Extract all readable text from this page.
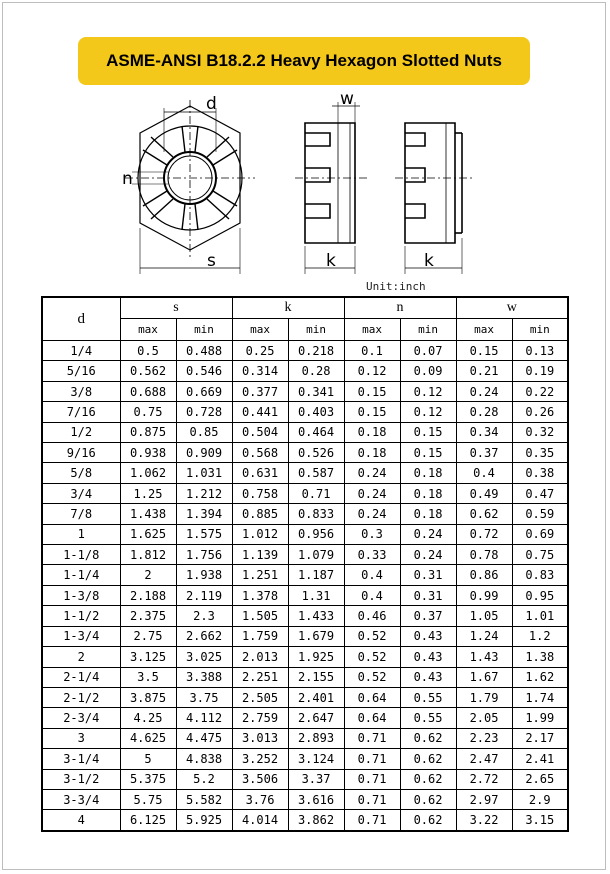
ASME-ANSI B18.2.2 Heavy Hexagon Slotted Nuts
d
s
n
w
k	k
Unit:inch
d	s		k		n		w	
	max	min	max	min	max	min	max	min
1/4	0.5	0.488	0.25	0.218	0.1	0.07	0.15	0.13
5/16	0.562	0.546	0.314	0.28	0.12	0.09	0.21	0.19
3/8	0.688	0.669	0.377	0.341	0.15	0.12	0.24	0.22
7/16	0.75	0.728	0.441	0.403	0.15	0.12	0.28	0.26
1/2	0.875	0.85	0.504	0.464	0.18	0.15	0.34	0.32
9/16	0.938	0.909	0.568	0.526	0.18	0.15	0.37	0.35
5/8	1.062	1.031	0.631	0.587	0.24	0.18	0.4	0.38
3/4	1.25	1.212	0.758	0.71	0.24	0.18	0.49	0.47
7/8	1.438	1.394	0.885	0.833	0.24	0.18	0.62	0.59
1	1.625	1.575	1.012	0.956	0.3	0.24	0.72	0.69
1-1/8	1.812	1.756	1.139	1.079	0.33	0.24	0.78	0.75
1-1/4	2	1.938	1.251	1.187	0.4	0.31	0.86	0.83
1-3/8	2.188	2.119	1.378	1.31	0.4	0.31	0.99	0.95
1-1/2	2.375	2.3	1.505	1.433	0.46	0.37	1.05	1.01
1-3/4	2.75	2.662	1.759	1.679	0.52	0.43	1.24	1.2
2	3.125	3.025	2.013	1.925	0.52	0.43	1.43	1.38
2-1/4	3.5	3.388	2.251	2.155	0.52	0.43	1.67	1.62
2-1/2	3.875	3.75	2.505	2.401	0.64	0.55	1.79	1.74
2-3/4	4.25	4.112	2.759	2.647	0.64	0.55	2.05	1.99
3	4.625	4.475	3.013	2.893	0.71	0.62	2.23	2.17
3-1/4	5	4.838	3.252	3.124	0.71	0.62	2.47	2.41
3-1/2	5.375	5.2	3.506	3.37	0.71	0.62	2.72	2.65
3-3/4	5.75	5.582	3.76	3.616	0.71	0.62	2.97	2.9
4	6.125	5.925	4.014	3.862	0.71	0.62	3.22	3.15
